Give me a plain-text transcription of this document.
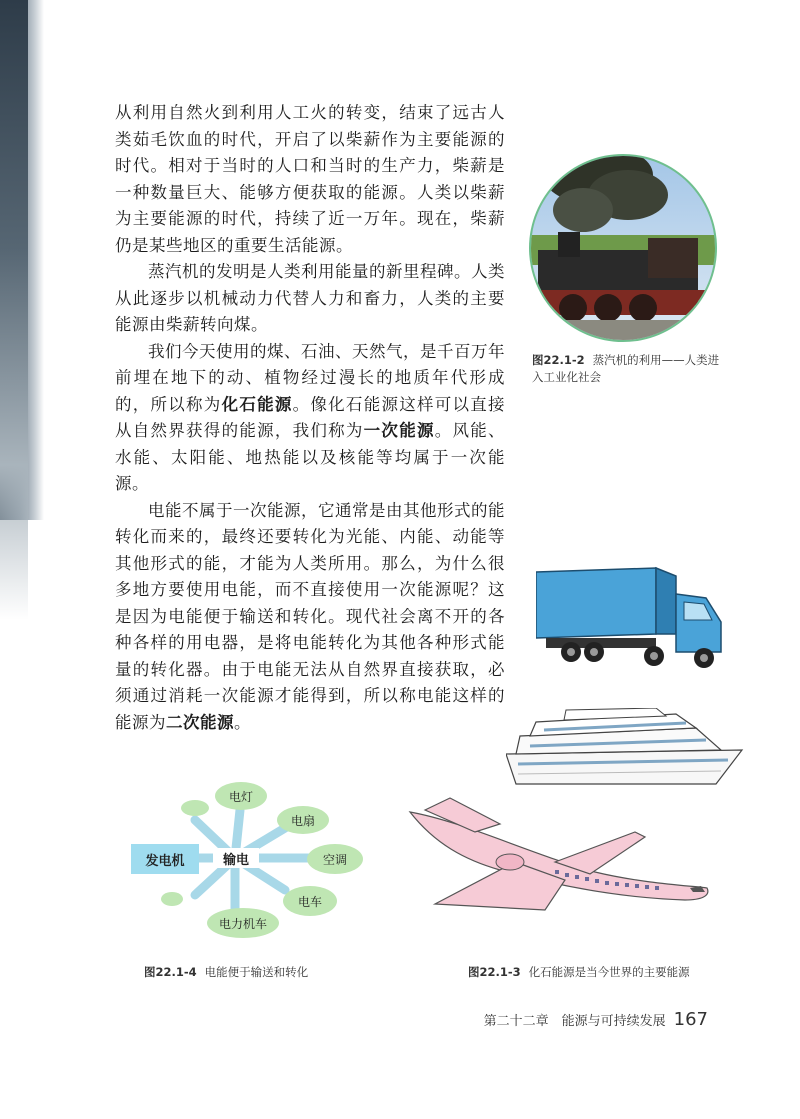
从利用自然火到利用人工火的转变，结束了远古人类茹毛饮血的时代，开启了以柴薪作为主要能源的时代。相对于当时的人口和当时的生产力，柴薪是一种数量巨大、能够方便获取的能源。人类以柴薪为主要能源的时代，持续了近一万年。现在，柴薪仍是某些地区的重要生活能源。

蒸汽机的发明是人类利用能量的新里程碑。人类从此逐步以机械动力代替人力和畜力，人类的主要能源由柴薪转向煤。

我们今天使用的煤、石油、天然气，是千百万年前埋在地下的动、植物经过漫长的地质年代形成的，所以称为化石能源。像化石能源这样可以直接从自然界获得的能源，我们称为一次能源。风能、水能、太阳能、地热能以及核能等均属于一次能源。

电能不属于一次能源，它通常是由其他形式的能转化而来的，最终还要转化为光能、内能、动能等其他形式的能，才能为人类所用。那么，为什么很多地方要使用电能，而不直接使用一次能源呢？这是因为电能便于输送和转化。现代社会离不开的各种各样的用电器，是将电能转化为其他各种形式能量的转化器。由于电能无法从自然界直接获取，必须通过消耗一次能源才能得到，所以称电能这样的能源为二次能源。

图22.1-2 蒸汽机的利用——人类进入工业化社会
发电机	输电
电灯
电扇
空调
电车
电力机车
图22.1-4 电能便于输送和转化	图22.1-3 化石能源是当今世界的主要能源
第二十二章　能源与可持续发展 167
